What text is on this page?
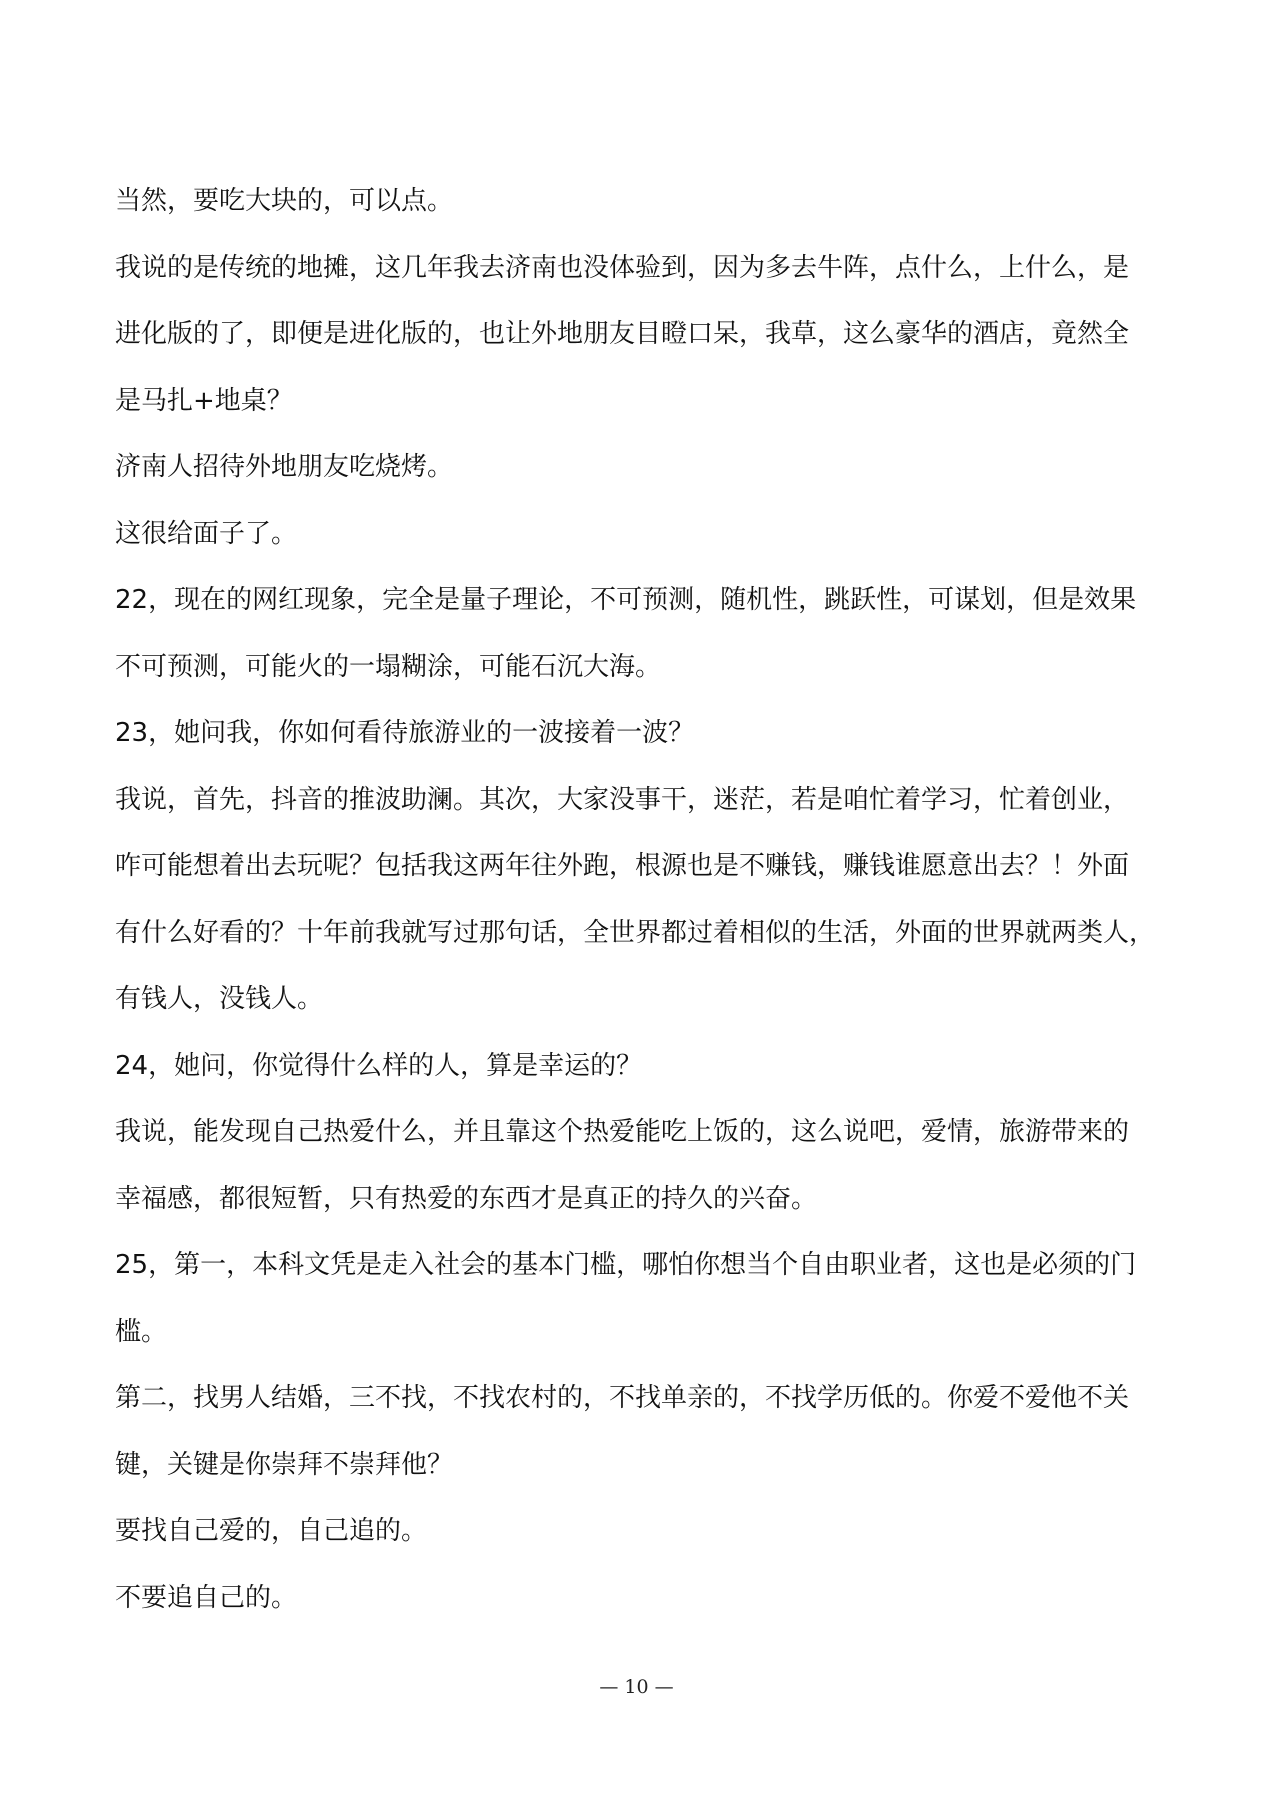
当然，要吃大块的，可以点。
我说的是传统的地摊，这几年我去济南也没体验到，因为多去牛阵，点什么，上什么，是
进化版的了，即便是进化版的，也让外地朋友目瞪口呆，我草，这么豪华的酒店，竟然全
是马扎+地桌？
济南人招待外地朋友吃烧烤。
这很给面子了。
22，现在的网红现象，完全是量子理论，不可预测，随机性，跳跃性，可谋划，但是效果
不可预测，可能火的一塌糊涂，可能石沉大海。
23，她问我，你如何看待旅游业的一波接着一波？
我说，首先，抖音的推波助澜。其次，大家没事干，迷茫，若是咱忙着学习，忙着创业，
咋可能想着出去玩呢？包括我这两年往外跑，根源也是不赚钱，赚钱谁愿意出去？！外面
有什么好看的？十年前我就写过那句话，全世界都过着相似的生活，外面的世界就两类人，
有钱人，没钱人。
24，她问，你觉得什么样的人，算是幸运的？
我说，能发现自己热爱什么，并且靠这个热爱能吃上饭的，这么说吧，爱情，旅游带来的
幸福感，都很短暂，只有热爱的东西才是真正的持久的兴奋。
25，第一，本科文凭是走入社会的基本门槛，哪怕你想当个自由职业者，这也是必须的门
槛。
第二，找男人结婚，三不找，不找农村的，不找单亲的，不找学历低的。你爱不爱他不关
键，关键是你崇拜不崇拜他？
要找自己爱的，自己追的。
不要追自己的。
— 10 —
